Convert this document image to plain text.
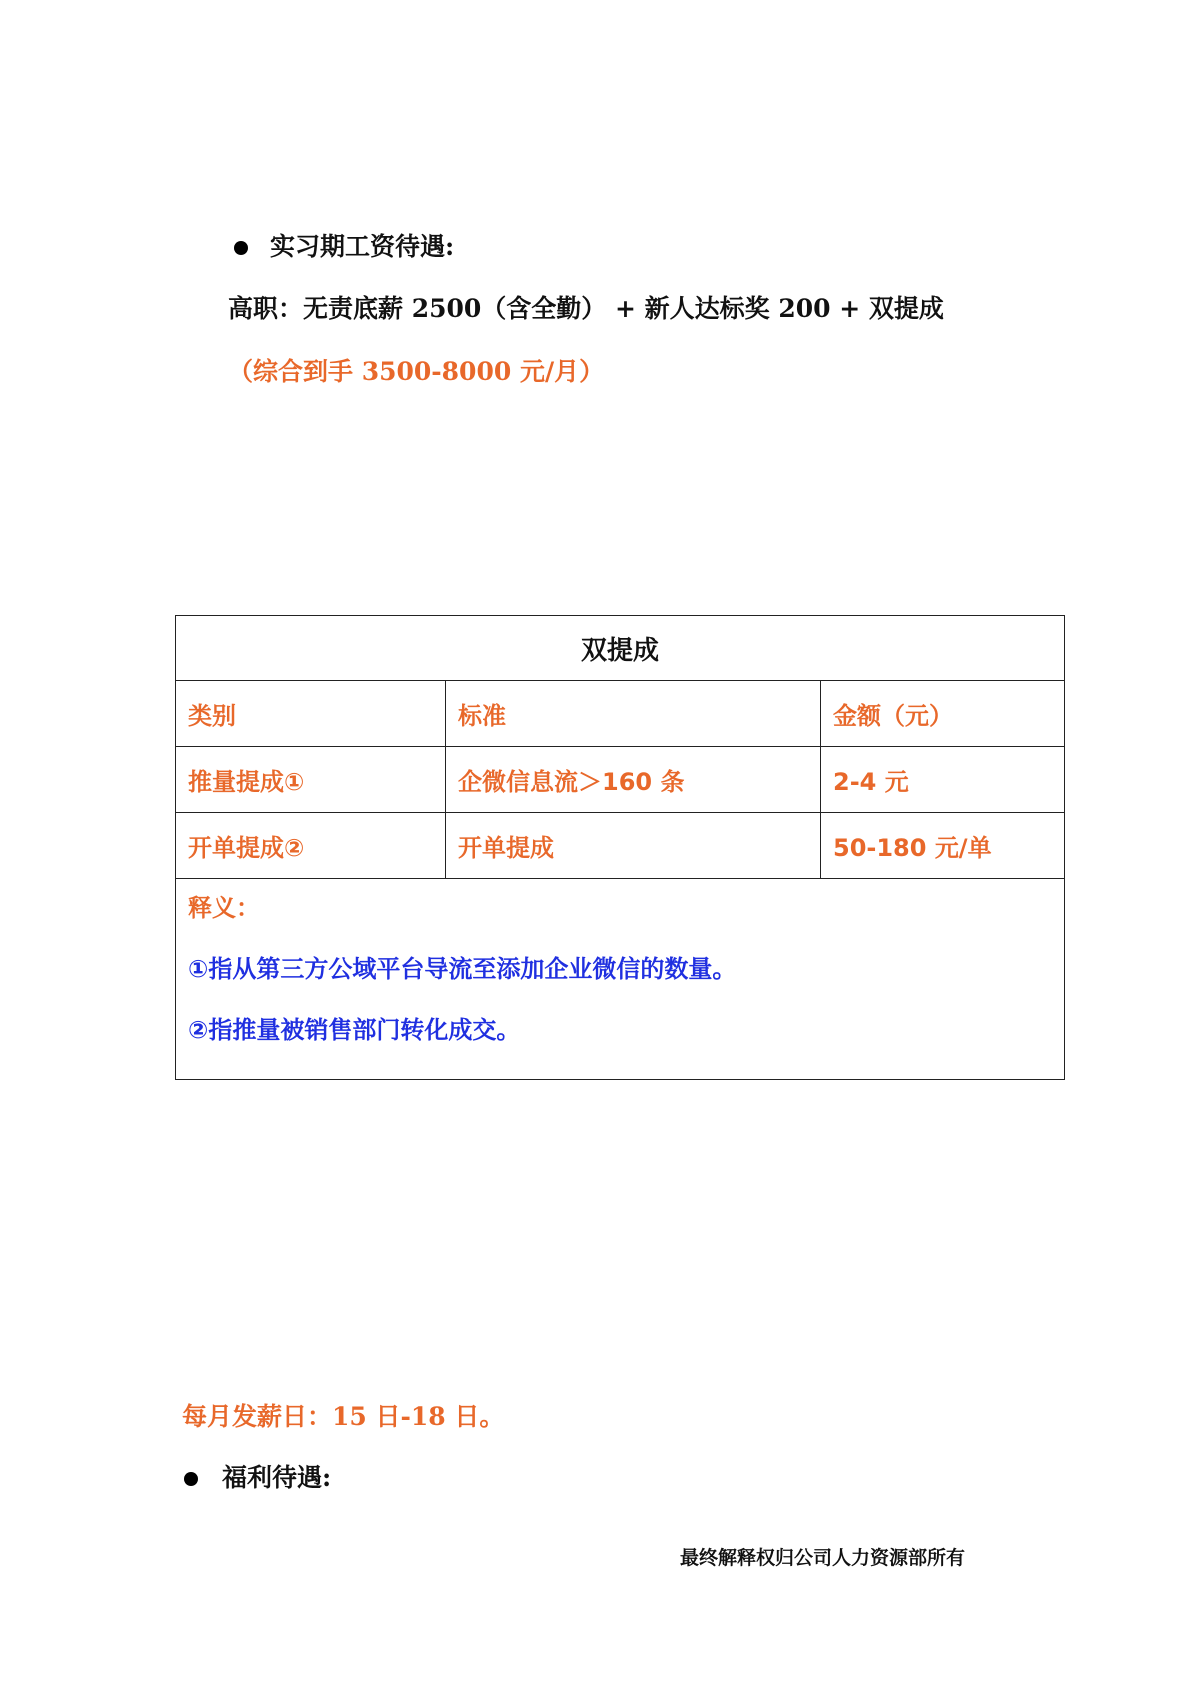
实习期工资待遇:
高职：无责底薪 2500（含全勤） + 新人达标奖 200 + 双提成
（综合到手 3500-8000 元/月）
双提成		
类别	标准	金额（元）
推量提成①	企微信息流＞160 条	2-4 元
开单提成②	开单提成	50-180 元/单

释义：
①指从第三方公域平台导流至添加企业微信的数量。
②指推量被销售部门转化成交。		
每月发薪日：15 日-18 日。
福利待遇:
最终解释权归公司人力资源部所有
